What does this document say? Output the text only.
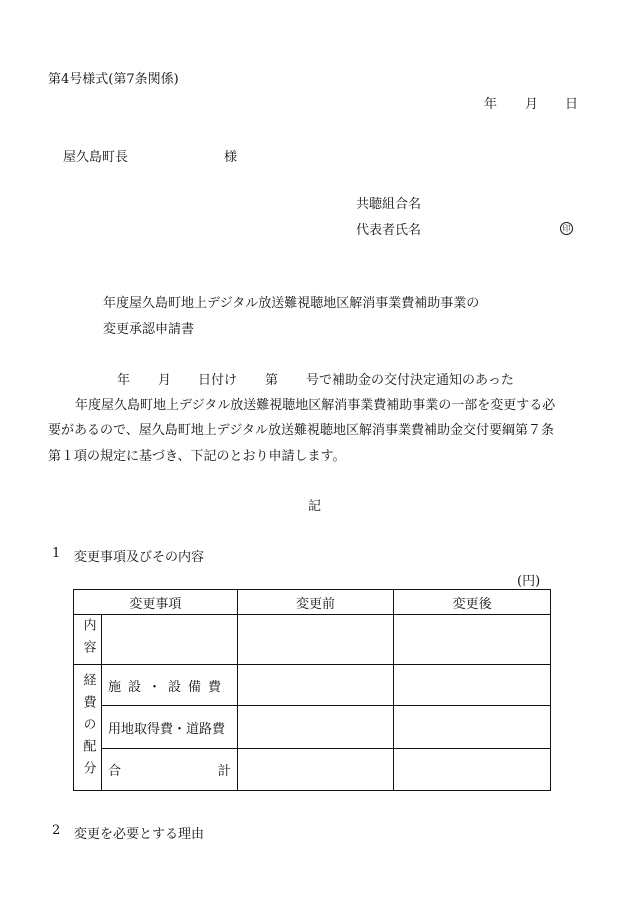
第4号様式(第7条関係)
年 月 日
屋久島町長	様
共聴組合名
代表者氏名	印
年度屋久島町地上デジタル放送難視聴地区解消事業費補助事業の
変更承認申請書
年 月 日付け 第 号で補助金の交付決定通知のあった
年度屋久島町地上デジタル放送難視聴地区解消事業費補助事業の一部を変更する必
要があるので、屋久島町地上デジタル放送難視聴地区解消事業費補助金交付要綱第７条
第１項の規定に基づき、下記のとおり申請します。
記
1 変更事項及びその内容
(円)
変更事項		変更前	変更後
内容			
経費の配分	施設・設備費		
	用地取得費・道路費		

	合 計		

2 変更を必要とする理由
